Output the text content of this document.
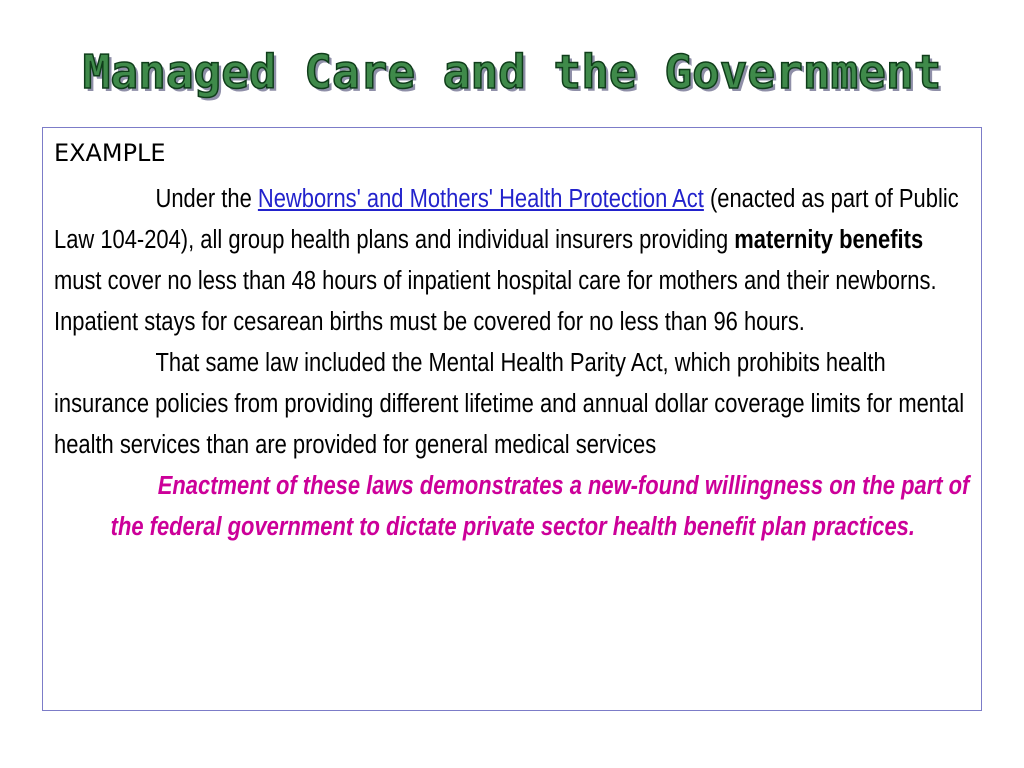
Managed Care and the Government
EXAMPLE

Under the Newborns' and Mothers' Health Protection Act (enacted as part of Public Law 104-204), all group health plans and individual insurers providing maternity benefits must cover no less than 48 hours of inpatient hospital care for mothers and their newborns. Inpatient stays for cesarean births must be covered for no less than 96 hours.

That same law included the Mental Health Parity Act, which prohibits health insurance policies from providing different lifetime and annual dollar coverage limits for mental health services than are provided for general medical services

Enactment of these laws demonstrates a new-found willingness on the part of the federal government to dictate private sector health benefit plan practices.
